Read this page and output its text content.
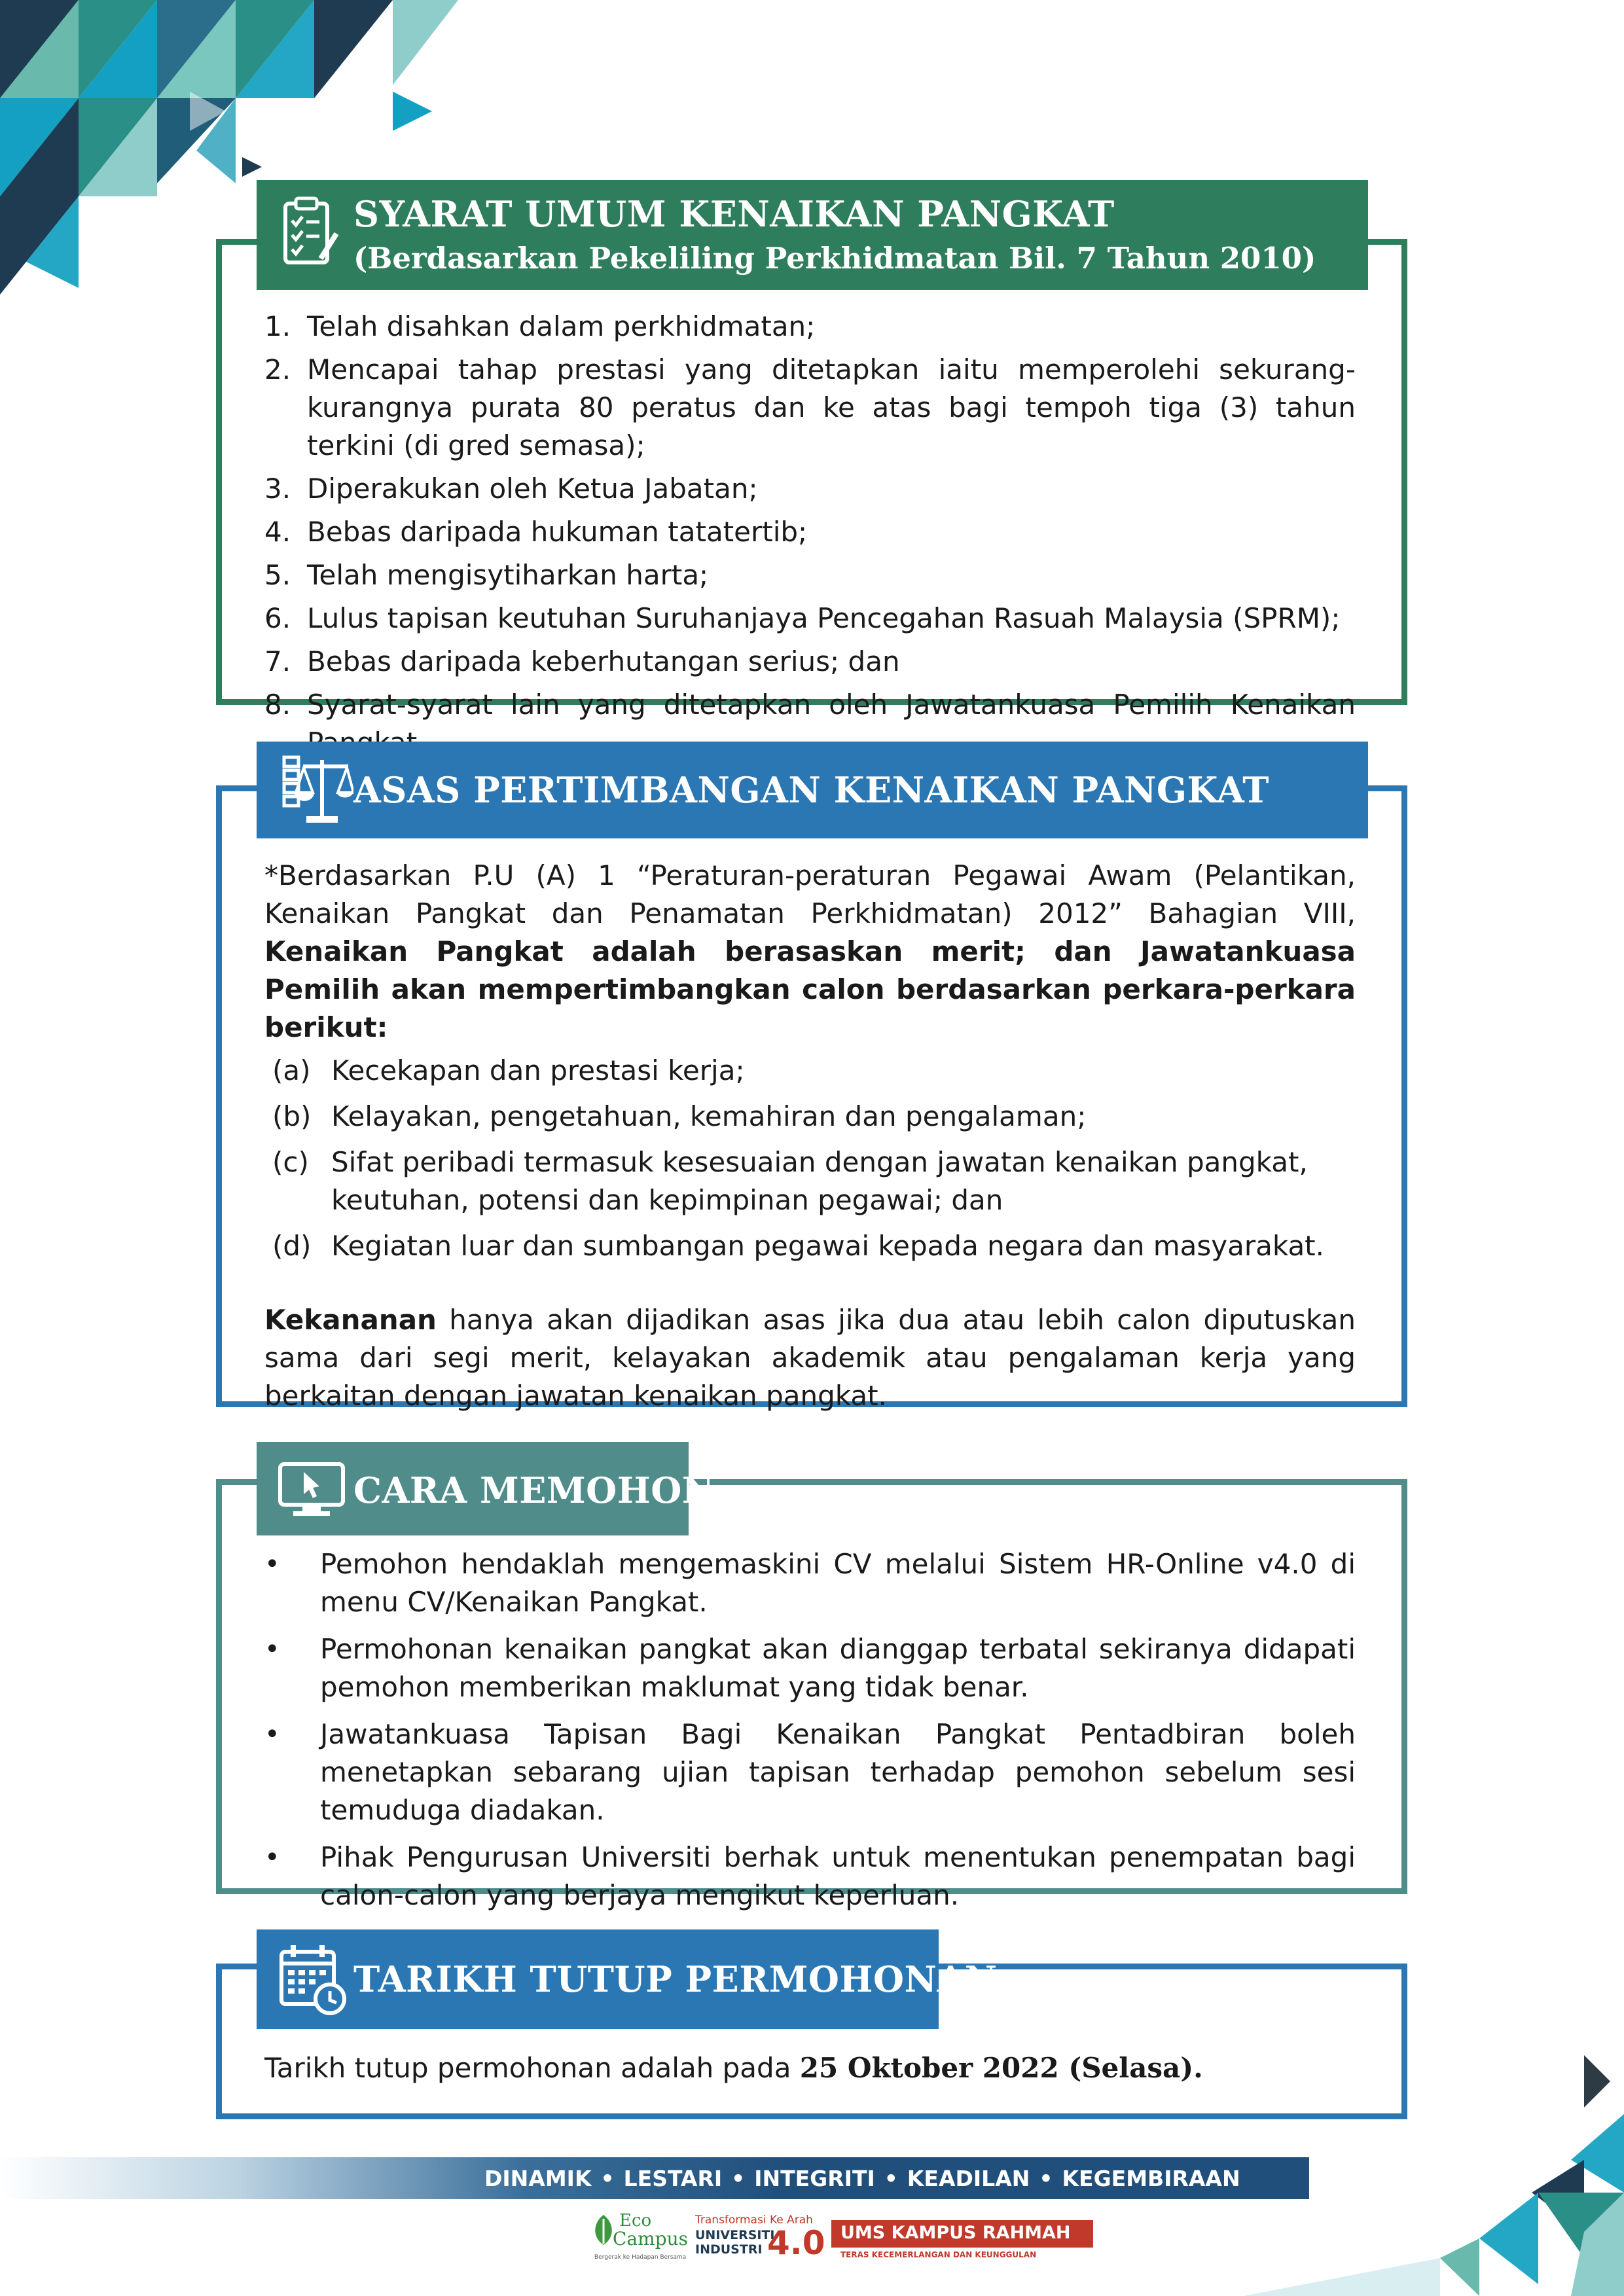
1. Telah disahkan dalam perkhidmatan;
2. Mencapai tahap prestasi yang ditetapkan iaitu memperolehi sekurang-kurangnya purata 80 peratus dan ke atas bagi tempoh tiga (3) tahun terkini (di gred semasa);
3. Diperakukan oleh Ketua Jabatan;
4. Bebas daripada hukuman tatatertib;
5. Telah mengisytiharkan harta;
6. Lulus tapisan keutuhan Suruhanjaya Pencegahan Rasuah Malaysia (SPRM);
7. Bebas daripada keberhutangan serius; dan
8. Syarat-syarat lain yang ditetapkan oleh Jawatankuasa Pemilih Kenaikan
SYARAT UMUM KENAIKAN PANGKAT
(Berdasarkan Pekeliling Perkhidmatan Bil. 7 Tahun 2010)
*Berdasarkan P.U (A) 1 “Peraturan-peraturan Pegawai Awam (Pelantikan, Kenaikan Pangkat dan Penamatan Perkhidmatan) 2012” Bahagian VIII, Kenaikan Pangkat adalah berasaskan merit; dan Jawatankuasa Pemilih akan mempertimbangkan calon berdasarkan perkara-perkara berikut:
(a) Kecekapan dan prestasi kerja;
(b) Kelayakan, pengetahuan, kemahiran dan pengalaman;
(c) Sifat peribadi termasuk kesesuaian dengan jawatan kenaikan pangkat, keutuhan, potensi dan kepimpinan pegawai; dan
(d) Kegiatan luar dan sumbangan pegawai kepada negara dan masyarakat.
Kekananan hanya akan dijadikan asas jika dua atau lebih calon diputuskan sama dari segi merit, kelayakan akademik atau pengalaman kerja yang berkaitan dengan jawatan kenaikan pangkat.
ASAS PERTIMBANGAN KENAIKAN PANGKAT
• Pemohon hendaklah mengemaskini CV melalui Sistem HR-Online v4.0 di menu CV/Kenaikan Pangkat.
• Permohonan kenaikan pangkat akan dianggap terbatal sekiranya didapati pemohon memberikan maklumat yang tidak benar.
• Jawatankuasa Tapisan Bagi Kenaikan Pangkat Pentadbiran boleh menetapkan sebarang ujian tapisan terhadap pemohon sebelum sesi temuduga diadakan.
• Pihak Pengurusan Universiti berhak untuk menentukan penempatan bagi calon-calon yang berjaya mengikut keperluan.
CARA MEMOHON
Tarikh tutup permohonan adalah pada 25 Oktober 2022 (Selasa).
TARIKH TUTUP PERMOHONAN
DINAMIK • LESTARI • INTEGRITI • KEADILAN • KEGEMBIRAAN
Eco
Campus
Bergerak ke Hadapan Bersama
Transformasi Ke Arah
UNIVERSITI
INDUSTRI 4.0 UMS KAMPUS RAHMAH
TERAS KECEMERLANGAN DAN KEUNGGULAN
